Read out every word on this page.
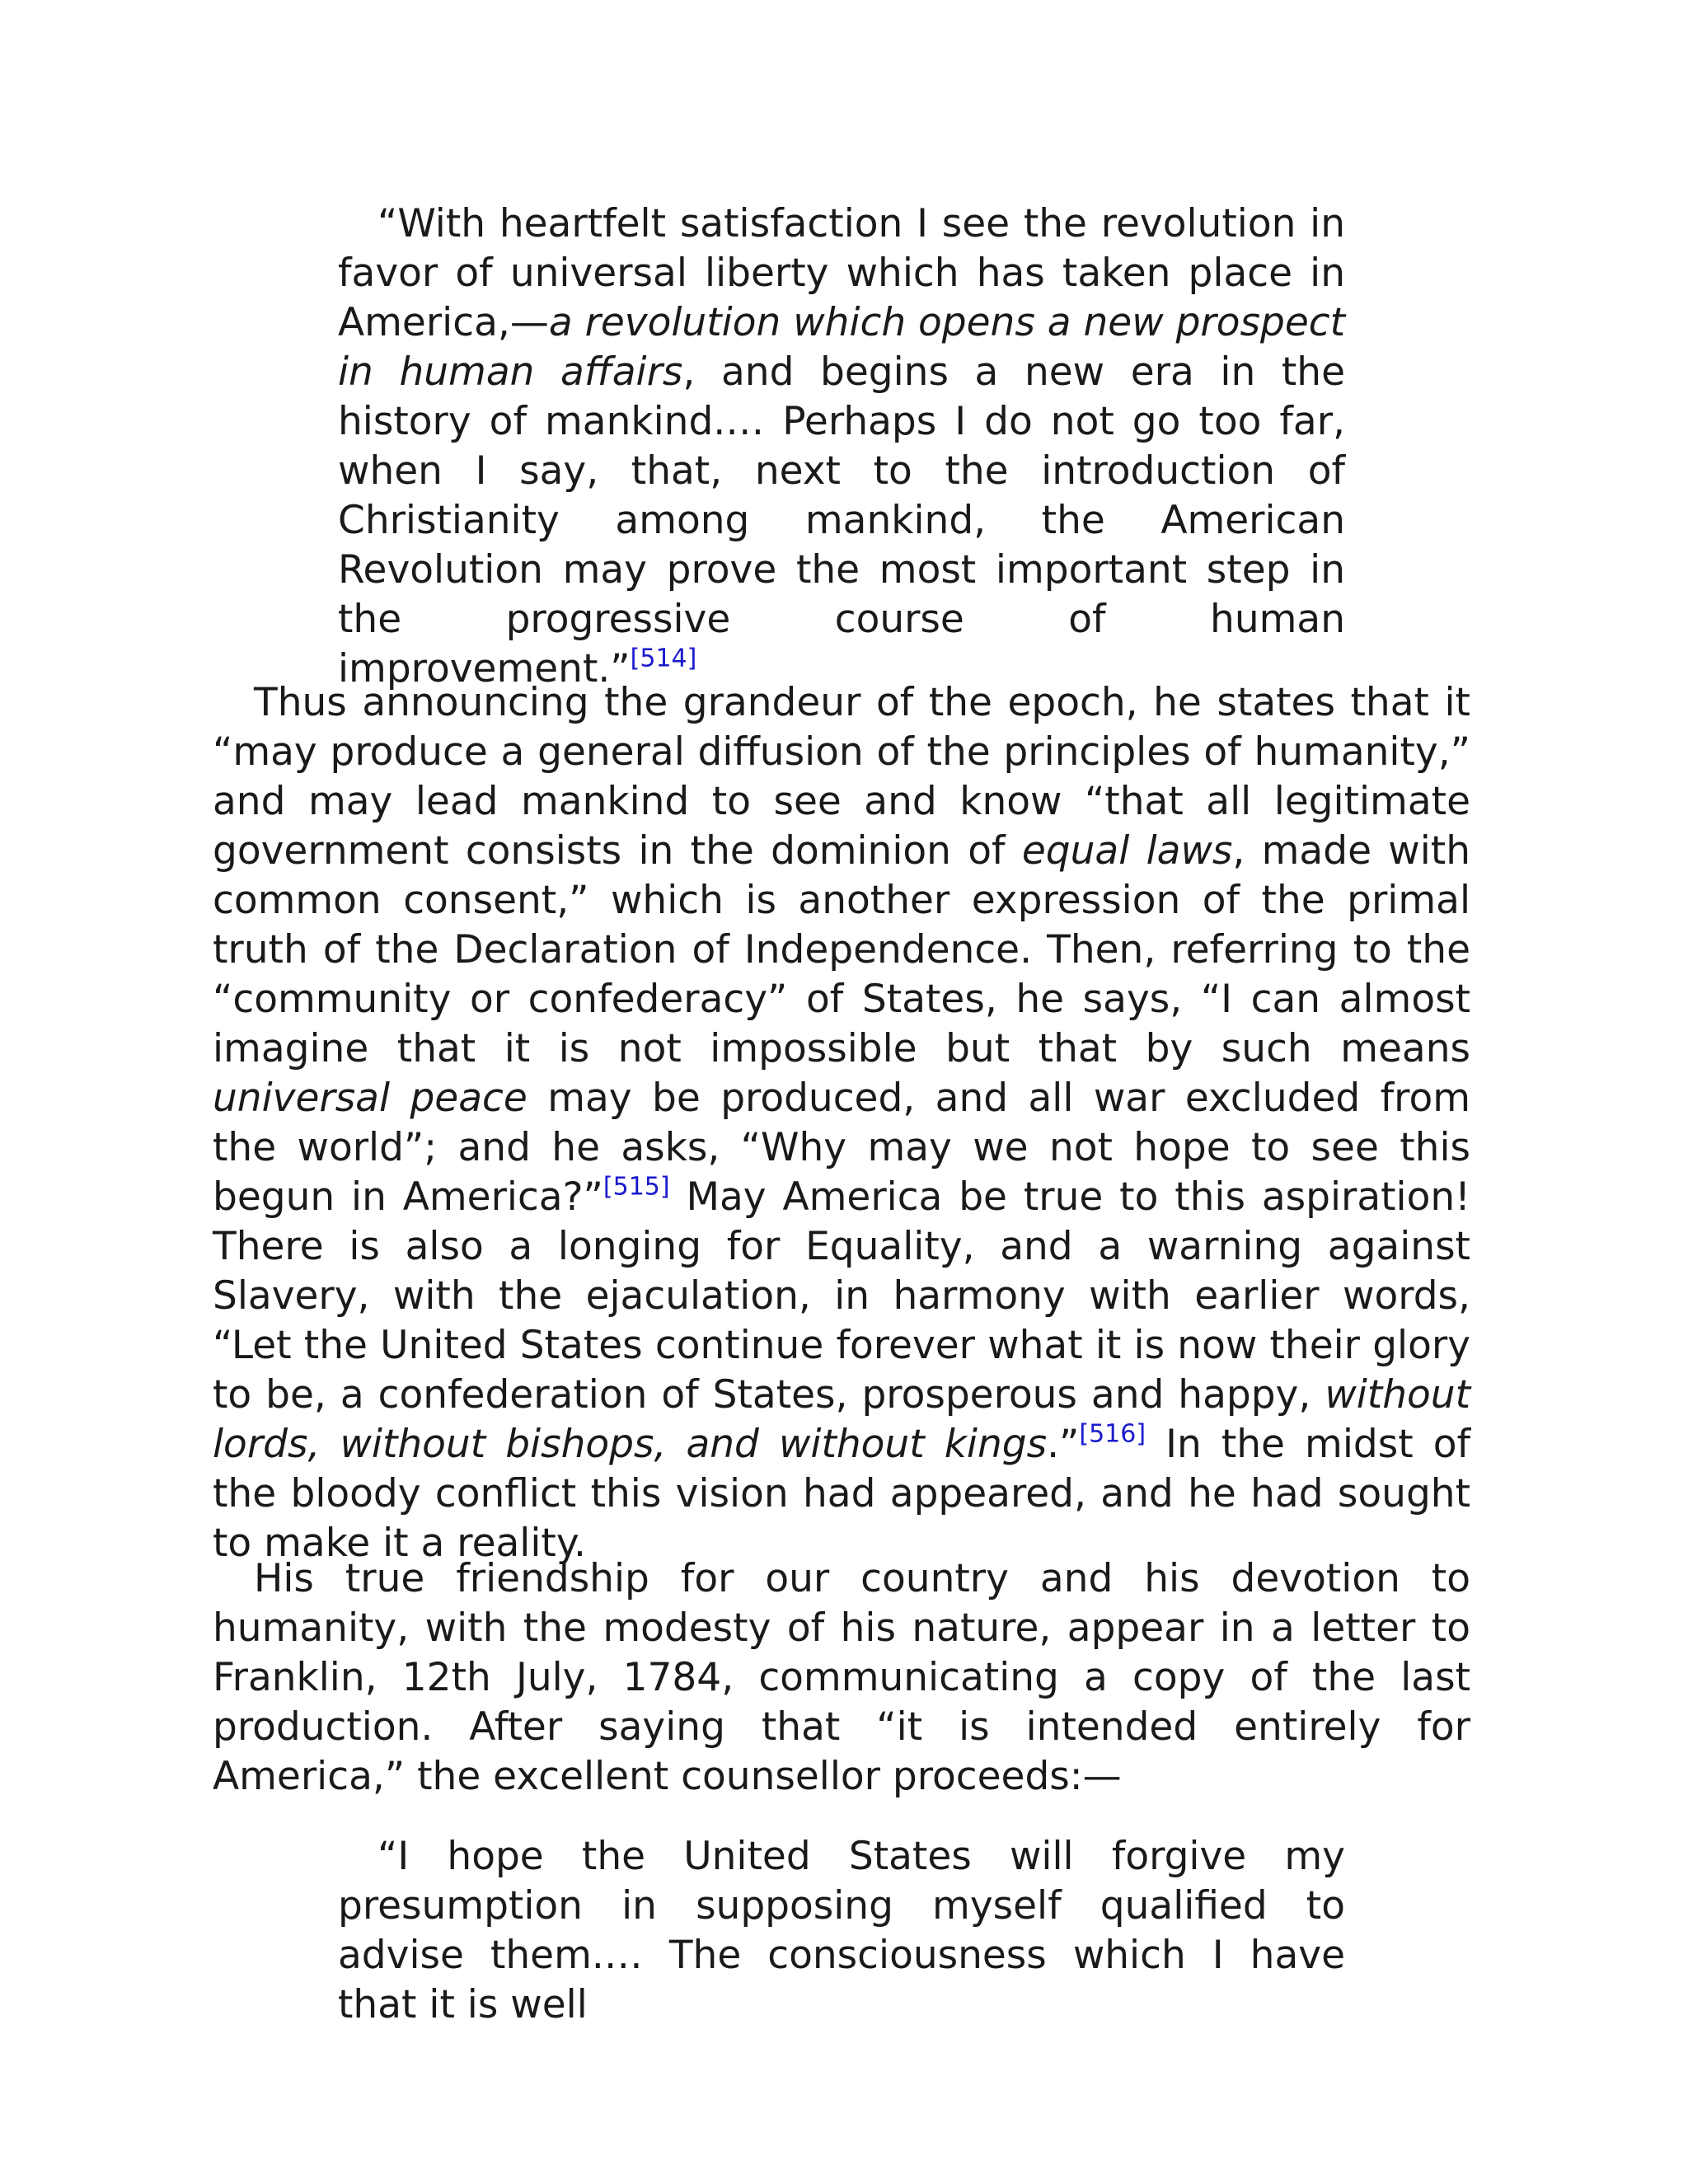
“With heartfelt satisfaction I see the revolution in favor of universal liberty which has taken place in America,—a revolution which opens a new prospect in human affairs, and begins a new era in the history of mankind.… Perhaps I do not go too far, when I say, that, next to the introduction of Christianity among mankind, the American Revolution may prove the most important step in the progressive course of human improvement.”[514]

Thus announcing the grandeur of the epoch, he states that it “may produce a general diffusion of the principles of humanity,” and may lead mankind to see and know “that all legitimate government consists in the dominion of equal laws, made with common consent,” which is another expression of the primal truth of the Declaration of Independence. Then, referring to the “community or confederacy” of States, he says, “I can almost imagine that it is not impossible but that by such means universal peace may be produced, and all war excluded from the world”; and he asks, “Why may we not hope to see this begun in America?”[515] May America be true to this aspiration! There is also a longing for Equality, and a warning against Slavery, with the ejaculation, in harmony with earlier words, “Let the United States continue forever what it is now their glory to be, a confederation of States, prosperous and happy, without lords, without bishops, and without kings.”[516] In the midst of the bloody conflict this vision had appeared, and he had sought to make it a reality.

His true friendship for our country and his devotion to humanity, with the modesty of his nature, appear in a letter to Franklin, 12th July, 1784, communicating a copy of the last production. After saying that “it is intended entirely for America,” the excellent counsellor proceeds:—

“I hope the United States will forgive my presumption in supposing myself qualified to advise them.… The consciousness which I have that it is well
